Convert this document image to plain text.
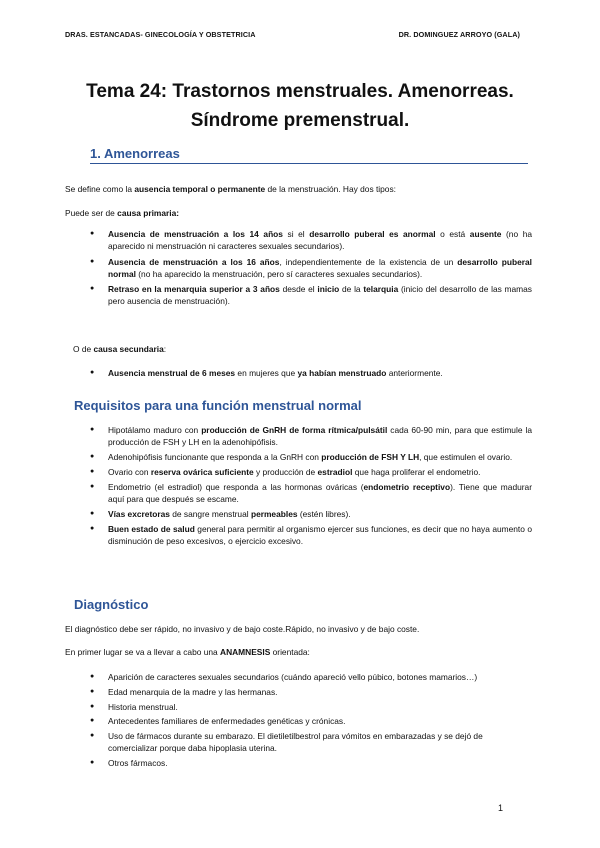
DRAS. ESTANCADAS- GINECOLOGÍA Y OBSTETRICIA	DR. DOMINGUEZ ARROYO (GALA)
Tema 24: Trastornos menstruales. Amenorreas.
Síndrome premenstrual.
1. Amenorreas
Se define como la ausencia temporal o permanente de la menstruación. Hay dos tipos:
Puede ser de causa primaria:
● Ausencia de menstruación a los 14 años si el desarrollo puberal es anormal o está ausente (no ha aparecido ni menstruación ni caracteres sexuales secundarios).
● Ausencia de menstruación a los 16 años, independientemente de la existencia de un desarrollo puberal normal (no ha aparecido la menstruación, pero sí caracteres sexuales secundarios).
● Retraso en la menarquia superior a 3 años desde el inicio de la telarquia (inicio del desarrollo de las mamas pero ausencia de menstruación).
O de causa secundaria:
● Ausencia menstrual de 6 meses en mujeres que ya habían menstruado anteriormente.
Requisitos para una función menstrual normal
● Hipotálamo maduro con producción de GnRH de forma rítmica/pulsátil cada 60-90 min, para que estimule la producción de FSH y LH en la adenohipófisis.
● Adenohipófisis funcionante que responda a la GnRH con producción de FSH Y LH, que estimulen el ovario.
● Ovario con reserva ovárica suficiente y producción de estradiol que haga proliferar el endometrio.
● Endometrio (el estradiol) que responda a las hormonas ováricas (endometrio receptivo). Tiene que madurar aquí para que después se escame.
● Vías excretoras de sangre menstrual permeables (estén libres).
● Buen estado de salud general para permitir al organismo ejercer sus funciones, es decir que no haya aumento o disminución de peso excesivos, o ejercicio excesivo.
Diagnóstico
El diagnóstico debe ser rápido, no invasivo y de bajo coste.Rápido, no invasivo y de bajo coste.
En primer lugar se va a llevar a cabo una ANAMNESIS orientada:
● Aparición de caracteres sexuales secundarios (cuándo apareció vello púbico, botones mamarios…)
● Edad menarquia de la madre y las hermanas.
● Historia menstrual.
● Antecedentes familiares de enfermedades genéticas y crónicas.
● Uso de fármacos durante su embarazo. El dietiletilbestrol para vómitos en embarazadas y se dejó de comercializar porque daba hipoplasia uterina.
● Otros fármacos.
1
